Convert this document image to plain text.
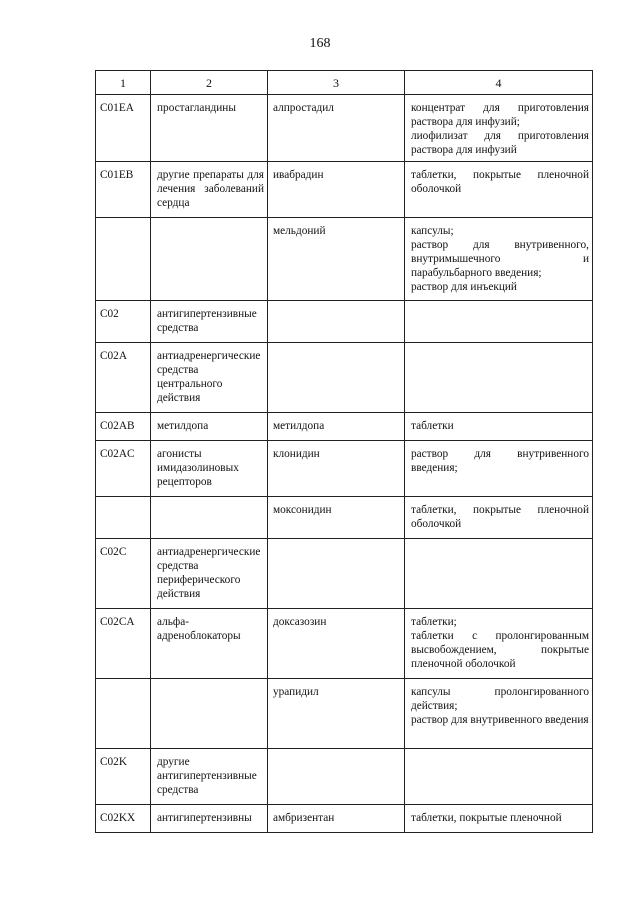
168
1	2	3	4
C01EA	простагландины	алпростадил	концентрат для приготовления раствора для инфузий;
лиофилизат для приготовления раствора для инфузий

C01EB	другие препараты для лечения заболеваний сердца	ивабрадин	таблетки, покрытые пленочной оболочкой

		мельдоний	капсулы;
раствор для внутривенного, внутримышечного и парабульбарного введения;
раствор для инъекций

C02	антигипертензивные средства		
C02A	антиадренергические средства центрального действия		
C02AB	метилдопа	метилдопа	таблетки

C02AC	агонисты имидазолиновых рецепторов	клонидин	раствор для внутривенного введения;

		моксонидин	таблетки, покрытые пленочной оболочкой

C02C	антиадренергические средства периферического действия		
C02CA	альфа-адреноблокаторы	доксазозин	таблетки;
таблетки с пролонгированным высвобождением, покрытые пленочной оболочкой

		урапидил	капсулы пролонгированного действия;
раствор для внутривенного введения

C02K	другие антигипертензивные средства		
C02KX	антигипертензивны	амбризентан	таблетки, покрытые пленочной
